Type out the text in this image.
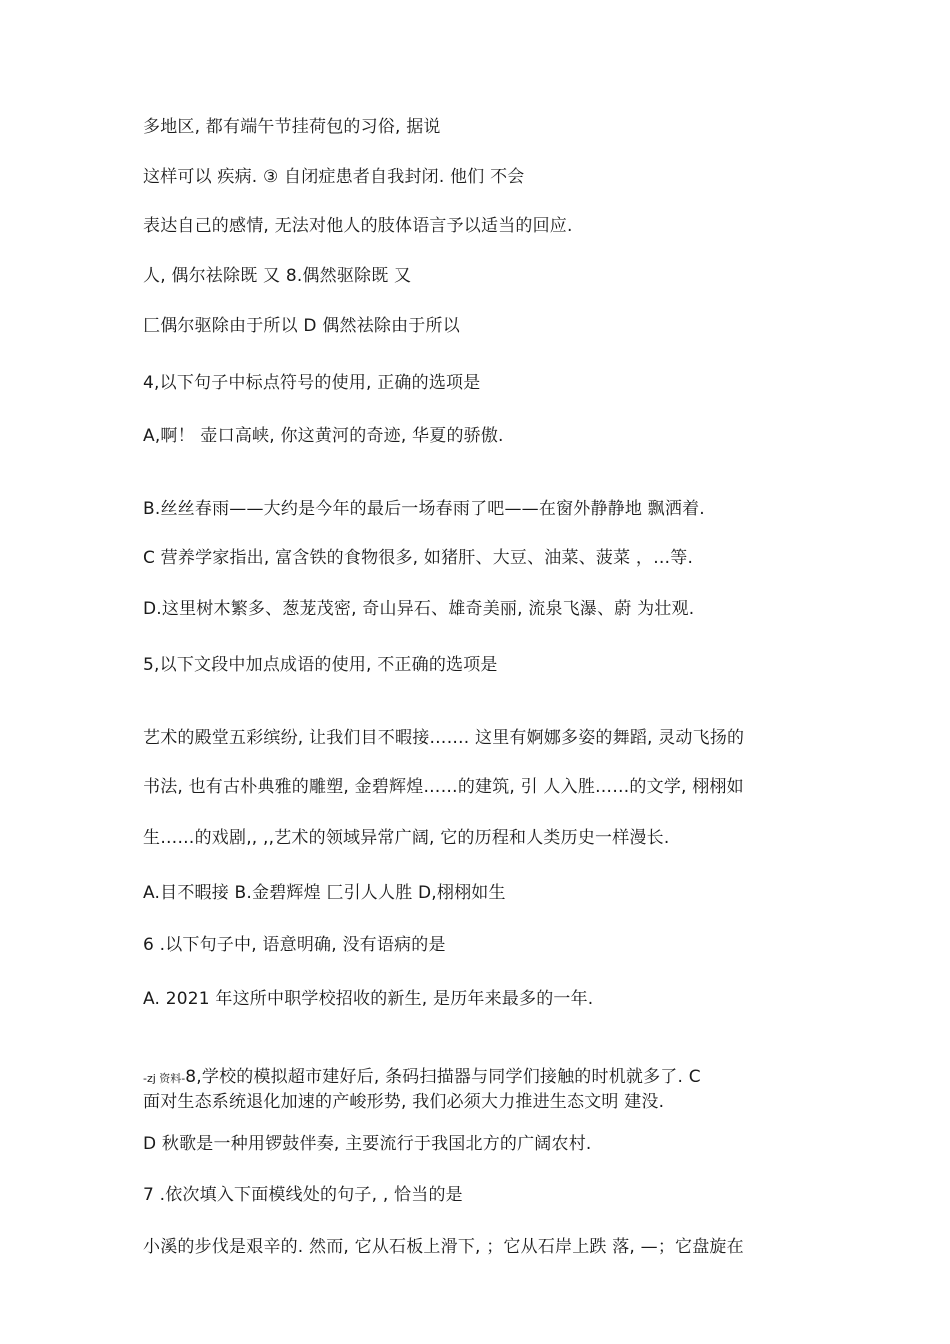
多地区, 都有端午节挂荷包的习俗, 据说
这样可以 疾病. ③ 自闭症患者自我封闭. 他们 不会
表达自己的感情, 无法对他人的肢体语言予以适当的回应.
人, 偶尔祛除既 又 8.偶然驱除既 又
匚偶尔驱除由于所以 D 偶然祛除由于所以
4,以下句子中标点符号的使用, 正确的选项是
A,啊！ 壶口高峡, 你这黄河的奇迹, 华夏的骄傲.
B.丝丝春雨——大约是今年的最后一场春雨了吧——在窗外静静地 飘洒着.
C 营养学家指出, 富含铁的食物很多, 如猪肝、大豆、油菜、菠菜 ，…等.
D.这里树木繁多、葱茏茂密, 奇山异石、雄奇美丽, 流泉飞瀑、蔚 为壮观.
5,以下文段中加点成语的使用, 不正确的选项是
艺术的殿堂五彩缤纷, 让我们目不暇接……. 这里有婀娜多姿的舞蹈, 灵动飞扬的
书法, 也有古朴典雅的雕塑, 金碧辉煌……的建筑, 引 人入胜……的文学, 栩栩如
生……的戏剧,, ,,艺术的领域异常广阔, 它的历程和人类历史一样漫长.
A.目不暇接 B.金碧辉煌 匚引人人胜 D,栩栩如生
6 .以下句子中, 语意明确, 没有语病的是
A. 2021 年这所中职学校招收的新生, 是历年来最多的一年.
-zj 资料-8,学校的模拟超市建好后, 条码扫描器与同学们接触的时机就多了. C
面对生态系统退化加速的产峻形势, 我们必须大力推进生态文明 建没.
D 秋歌是一种用锣鼓伴奏, 主要流行于我国北方的广阔农村.
7 .依次填入下面模线处的句子, , 恰当的是
小溪的步伐是艰辛的. 然而, 它从石板上滑下, ；它从石岸上跌 落, —；它盘旋在
